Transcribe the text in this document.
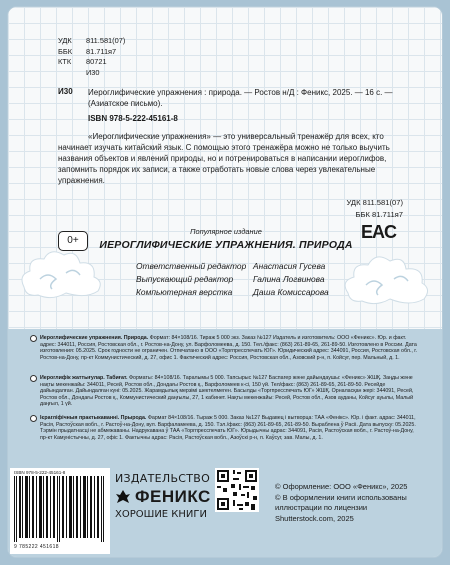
УДК	811.581(07)
ББК	81.711я7
КТК	80721
И30
И30 Иероглифические упражнения : природа. — Ростов н/Д : Феникс, 2025. — 16 с. — (Азиатское письмо).
ISBN 978-5-222-45161-8
«Иероглифические упражнения» — это универсальный тренажёр для всех, кто начинает изучать китайский язык. С помощью этого тренажёра можно не только выучить названия объектов и явлений природы, но и потренироваться в написании иероглифов, запомнить порядок их записи, а также отработать новые слова через увлекательные упражнения.
УДК 811.581(07)
ББК 81.711я7
0+	EAC
Популярное издание
ИЕРОГЛИФИЧЕСКИЕ УПРАЖНЕНИЯ. ПРИРОДА
Ответственный редактор Анастасия Гусева
Выпускающий редактор	Галина Логвинова
Компьютерная верстка	Даша Комиссарова

Иероглифические упражнения. Природа. Формат: 84×108/16. Тираж 5 000 экз. Заказ №127 Издатель и изготовитель: ООО «Феникс». Юр. и факт. адрес: 344011, Россия, Ростовская обл., г. Ростов-на-Дону, ул. Варфоломеева, д. 150. Тел./факс: (863) 261-89-65, 261-89-50. Изготовлено в России. Дата изготовления: 05.2025. Срок годности не ограничен. Отпечатано в ООО «Торгпресспечать ЮГ». Юридический адрес: 344091, Россия, Ростовская обл., г. Ростов-на-Дону, пр-кт Коммунистический, д. 27, офис 1. Фактический адрес: Россия, Ростовская обл., Азовский р-н, п. Койсуг, пер. Мальный, д. 1.

Иероглифік жаттығулар. Табиғат. Форматы: 84×108/16. Таралымы 5 000. Тапсырыс №127 Баспагер және дайындаушы: «Феникс» ЖШҚ. Заңды және нақты мекенжайы: 344011, Ресей, Ростов обл., Дондағы Ростов қ., Варфоломеев к-сі, 150 үй. Тел/факс: (863) 261-89-65, 261-89-50. Ресейде дайындалған. Дайындалған күні: 05.2025. Жарамдылық мерзімі шектелмеген. Басылды «Торгпресспечать ЮГ» ЖШҚ. Орналасқан жері: 344091, Ресей, Ростов обл., Дондағы Ростов қ., Коммунистический даңғылы, 27, 1 кабинет. Нақты мекенжайы: Ресей, Ростов обл., Азов ауданы, Койсуг ауылы, Малый даңғыл, 1 үй.

Ієрагліфічныя практыкаванні. Прырода. Фармат 84×108/16. Тыраж 5 000. Заказ №127 Выдавец і вытворца: ТАА «Фенікс». Юр. і факт. адрас: 344011, Расія, Растоўская вобл., г. Растоў-на-Дону, вул. Варфаламеева, д. 150. Тэл./факс: (863) 261-89-65, 261-89-50. Выраблена ў Расіі. Дата выпуску: 05.2025. Тэрмін прыдатнасці не абмежаваны. Надрукавана ў ТАА «Торгпресспечать ЮГ». Юрыдычны адрас: 344091, Расія, Растоўская вобл., г. Растоў-на-Дону, пр-кт Камуністычны, д. 27, офіс 1. Фактычны адрас: Расія, Растоўская вобл., Азоўскі р-н, п. Каўсуг, зав. Малы, д. 1.

ISBN 978-5-222-45161-8
9 785222 451618
ИЗДАТЕЛЬСТВО
ФЕНИКС
ХОРОШИЕ КНИГИ
© Оформление: ООО «Феникс», 2025
© В оформлении книги использованы
иллюстрации по лицензии
Shutterstock.com, 2025
